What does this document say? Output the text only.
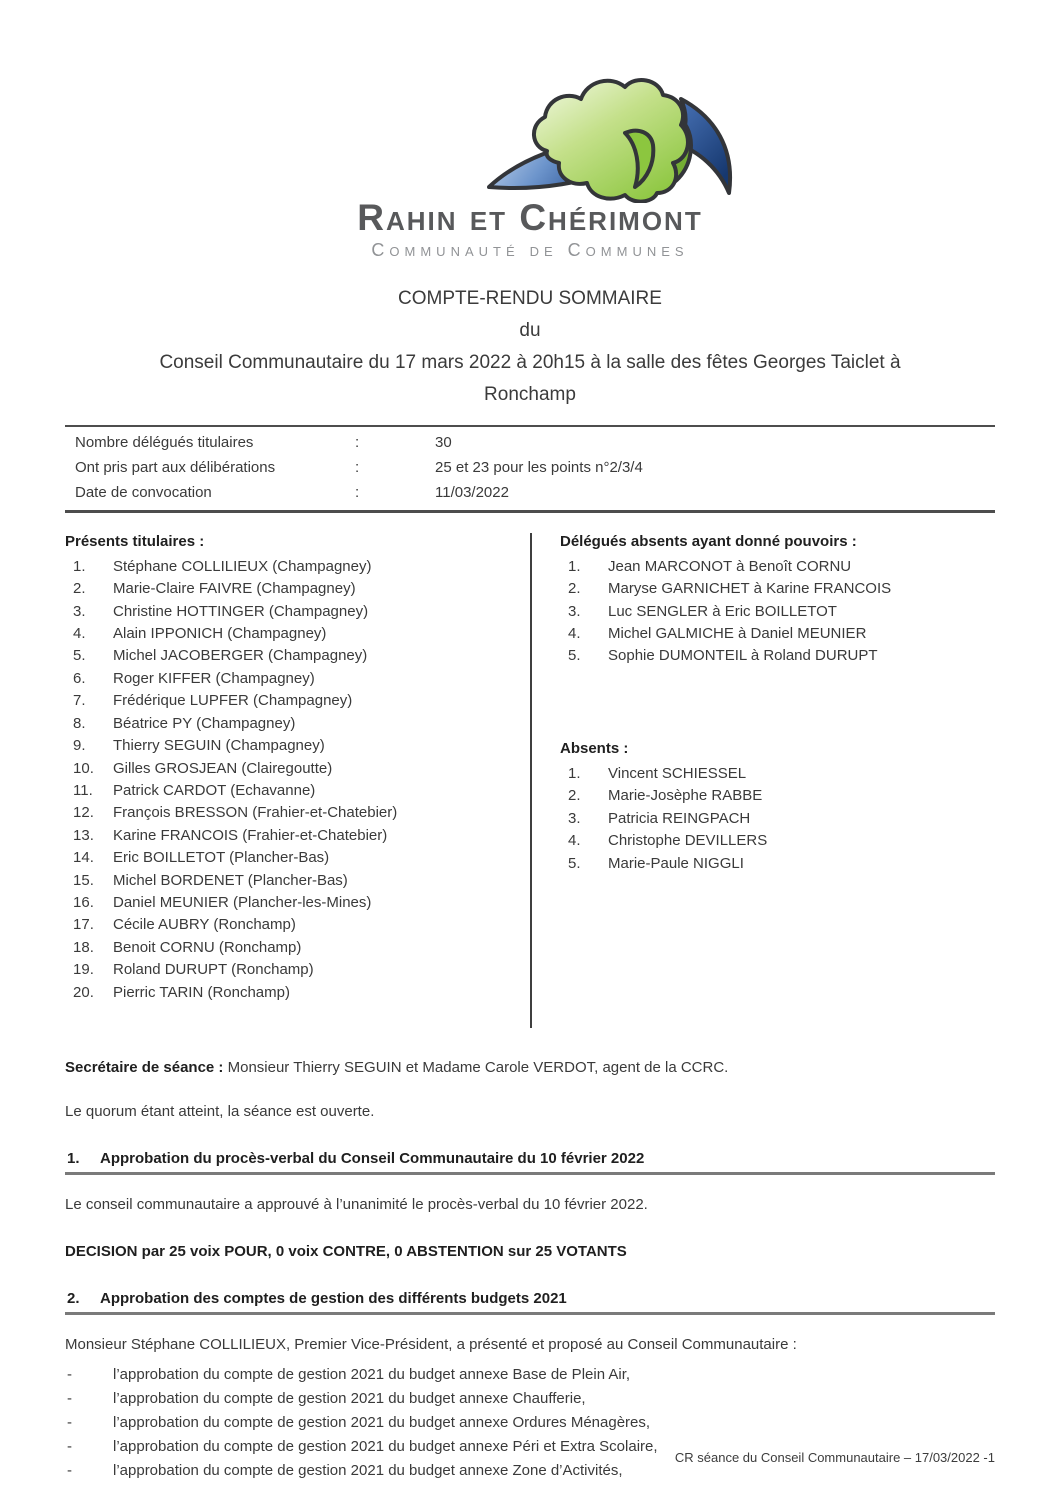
Rahin et Chérimont
Communauté de Communes
COMPTE-RENDU SOMMAIRE
du
Conseil Communautaire du 17 mars 2022 à 20h15 à la salle des fêtes Georges Taiclet à
Ronchamp
Nombre délégués titulaires	:	30
Ont pris part aux délibérations	:	25 et 23 pour les points n°2/3/4
Date de convocation	:	11/03/2022
Présents titulaires :
Stéphane COLLILIEUX (Champagney)
Marie-Claire FAIVRE (Champagney)
Christine HOTTINGER (Champagney)
Alain IPPONICH (Champagney)
Michel JACOBERGER (Champagney)
Roger KIFFER (Champagney)
Frédérique LUPFER (Champagney)
Béatrice PY (Champagney)
Thierry SEGUIN (Champagney)
Gilles GROSJEAN (Clairegoutte)
Patrick CARDOT (Echavanne)
François BRESSON (Frahier-et-Chatebier)
Karine FRANCOIS (Frahier-et-Chatebier)
Eric BOILLETOT (Plancher-Bas)
Michel BORDENET (Plancher-Bas)
Daniel MEUNIER (Plancher-les-Mines)
Cécile AUBRY (Ronchamp)
Benoit CORNU (Ronchamp)
Roland DURUPT (Ronchamp)
Pierric TARIN (Ronchamp)
Délégués absents ayant donné pouvoirs :
Jean MARCONOT à Benoît CORNU
Maryse GARNICHET à Karine FRANCOIS
Luc SENGLER à Eric BOILLETOT
Michel GALMICHE à Daniel MEUNIER
Sophie DUMONTEIL à Roland DURUPT
Absents :
Vincent SCHIESSEL
Marie-Josèphe RABBE
Patricia REINGPACH
Christophe DEVILLERS
Marie-Paule NIGGLI
Secrétaire de séance : Monsieur Thierry SEGUIN et Madame Carole VERDOT, agent de la CCRC.
Le quorum étant atteint, la séance est ouverte.
1.	Approbation du procès-verbal du Conseil Communautaire du 10 février 2022
Le conseil communautaire a approuvé à l’unanimité le procès-verbal du 10 février 2022.
DECISION par 25 voix POUR, 0 voix CONTRE, 0 ABSTENTION sur 25 VOTANTS
2.	Approbation des comptes de gestion des différents budgets 2021
Monsieur Stéphane COLLILIEUX, Premier Vice-Président, a présenté et proposé au Conseil Communautaire :
-	l’approbation du compte de gestion 2021 du budget annexe Base de Plein Air,
-	l’approbation du compte de gestion 2021 du budget annexe Chaufferie,
-	l’approbation du compte de gestion 2021 du budget annexe Ordures Ménagères,
-	l’approbation du compte de gestion 2021 du budget annexe Péri et Extra Scolaire,
-	l’approbation du compte de gestion 2021 du budget annexe Zone d’Activités,
CR séance du Conseil Communautaire – 17/03/2022 -1
